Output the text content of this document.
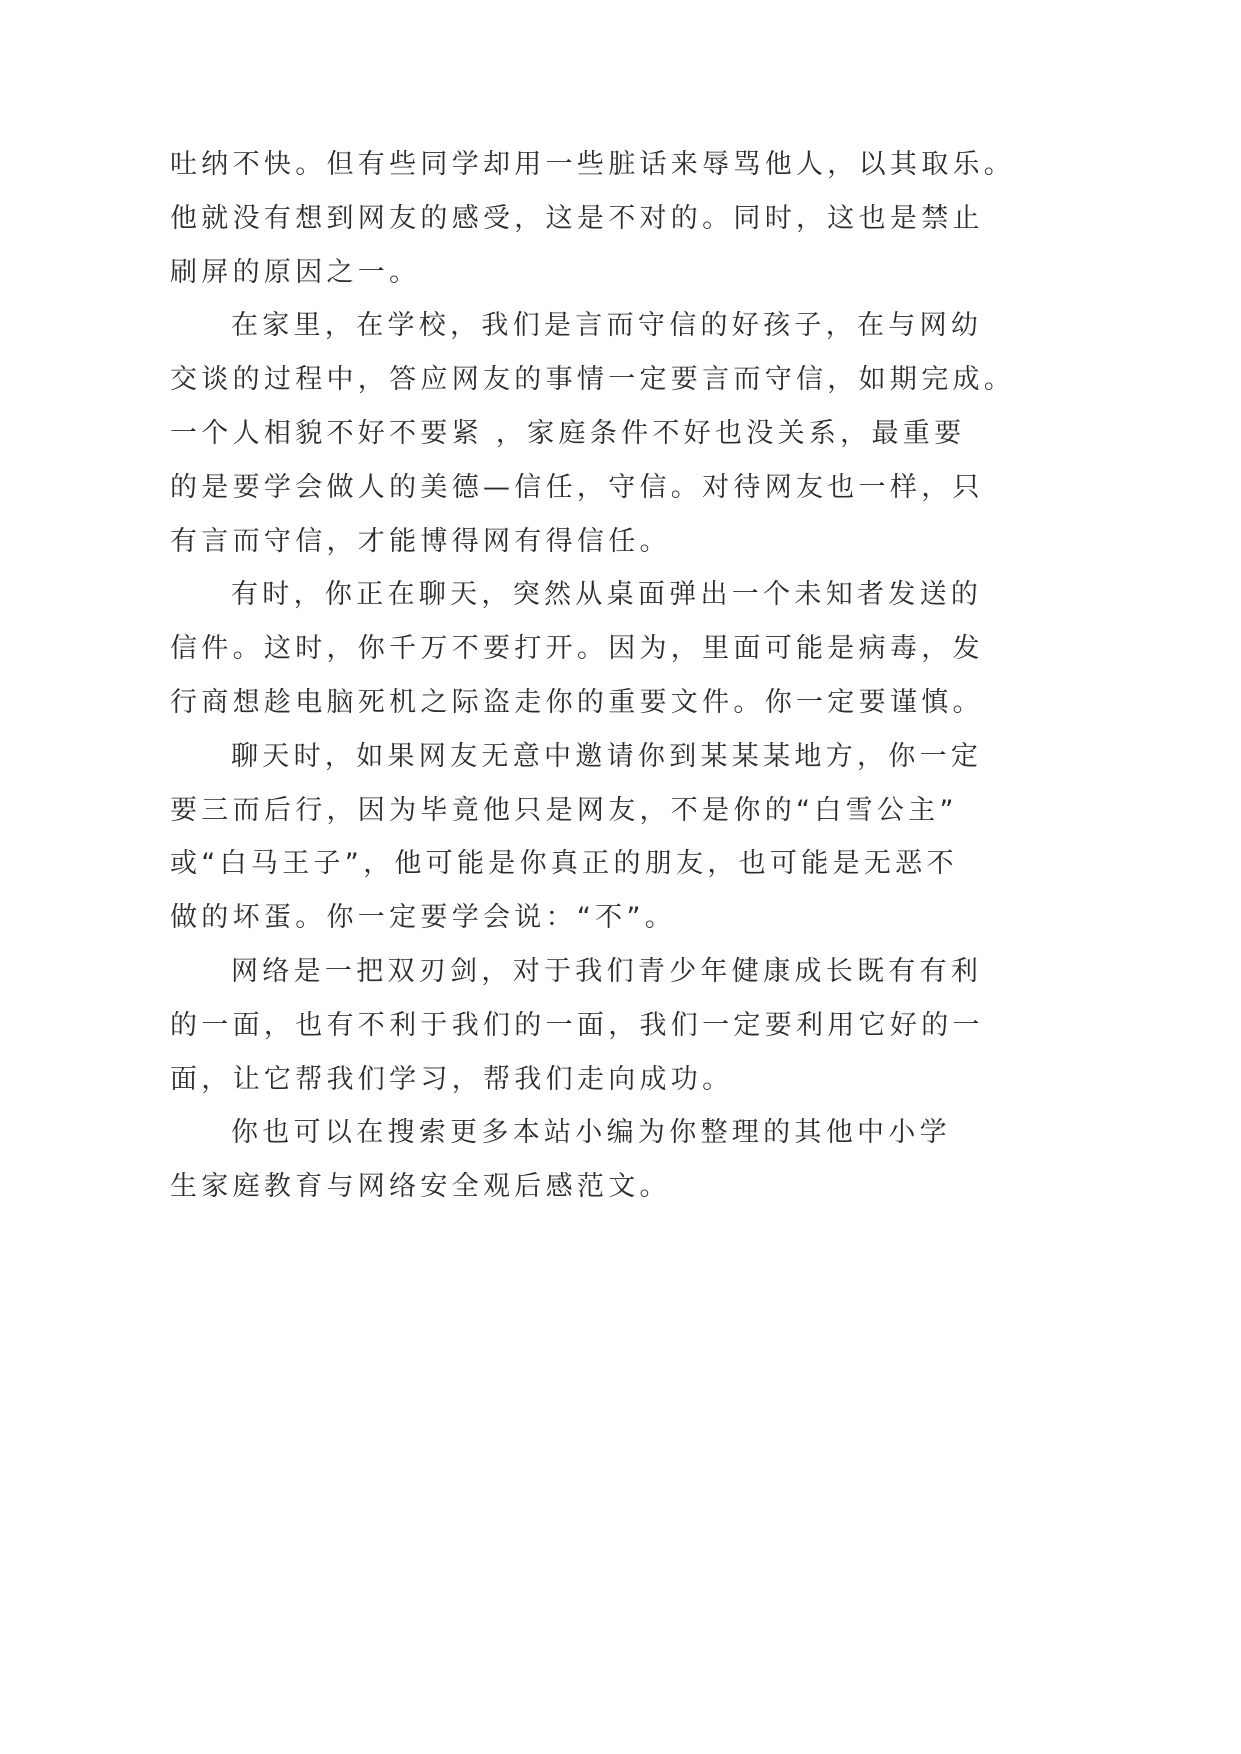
吐纳不快。但有些同学却用一些脏话来辱骂他人，以其取乐。
他就没有想到网友的感受，这是不对的。同时，这也是禁止
刷屏的原因之一。

在家里，在学校，我们是言而守信的好孩子，在与网幼
交谈的过程中，答应网友的事情一定要言而守信，如期完成。
一个人相貌不好不要紧 ，家庭条件不好也没关系，最重要
的是要学会做人的美德—信任，守信。对待网友也一样，只
有言而守信，才能博得网有得信任。

有时，你正在聊天，突然从桌面弹出一个未知者发送的
信件。这时，你千万不要打开。因为，里面可能是病毒，发
行商想趁电脑死机之际盗走你的重要文件。你一定要谨慎。

聊天时，如果网友无意中邀请你到某某某地方，你一定
要三而后行，因为毕竟他只是网友，不是你的“白雪公主”
或“白马王子”，他可能是你真正的朋友，也可能是无恶不
做的坏蛋。你一定要学会说：“不”。

网络是一把双刃剑，对于我们青少年健康成长既有有利
的一面，也有不利于我们的一面，我们一定要利用它好的一
面，让它帮我们学习，帮我们走向成功。

你也可以在搜索更多本站小编为你整理的其他中小学
生家庭教育与网络安全观后感范文。
